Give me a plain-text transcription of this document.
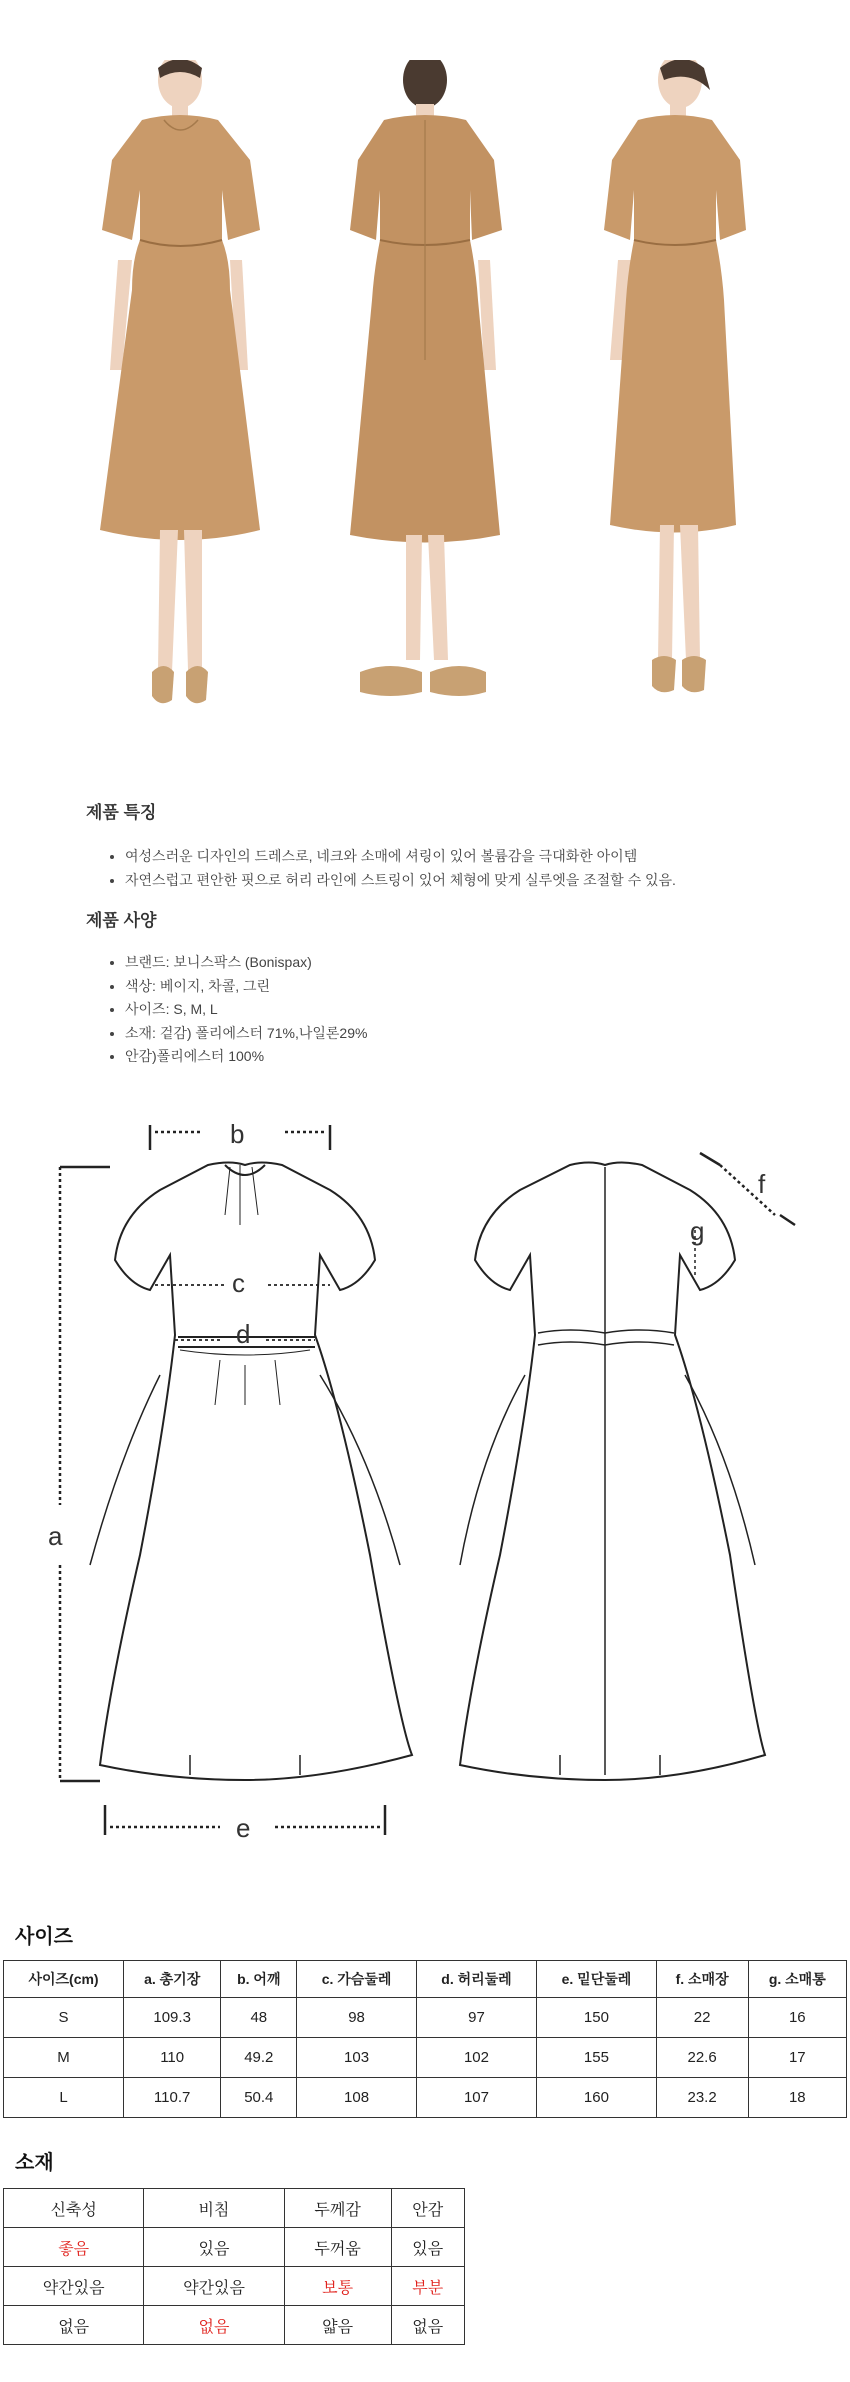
제품 특징
• 여성스러운 디자인의 드레스로, 네크와 소매에 셔링이 있어 볼륨감을 극대화한 아이템
• 자연스럽고 편안한 핏으로 허리 라인에 스트링이 있어 체형에 맞게 실루엣을 조절할 수 있음.
제품 사양
• 브랜드: 보니스팍스 (Bonispax)
• 색상: 베이지, 차콜, 그린
• 사이즈: S, M, L
• 소재: 겉감) 폴리에스터 71%,나일론29%
• 안감)폴리에스터 100%
b
a
c
d
e
f
g
사이즈
사이즈(cm)	a. 총기장	b. 어깨	c. 가슴둘레	d. 허리둘레	e. 밑단둘레	f. 소매장	g. 소매통
S	109.3	48	98	97	150	22	16
M	110	49.2	103	102	155	22.6	17
L	110.7	50.4	108	107	160	23.2	18
소재
신축성	비침	두께감	안감
좋음	있음	두꺼움	있음
약간있음	약간있음	보통	부분
없음	없음	얇음	없음
